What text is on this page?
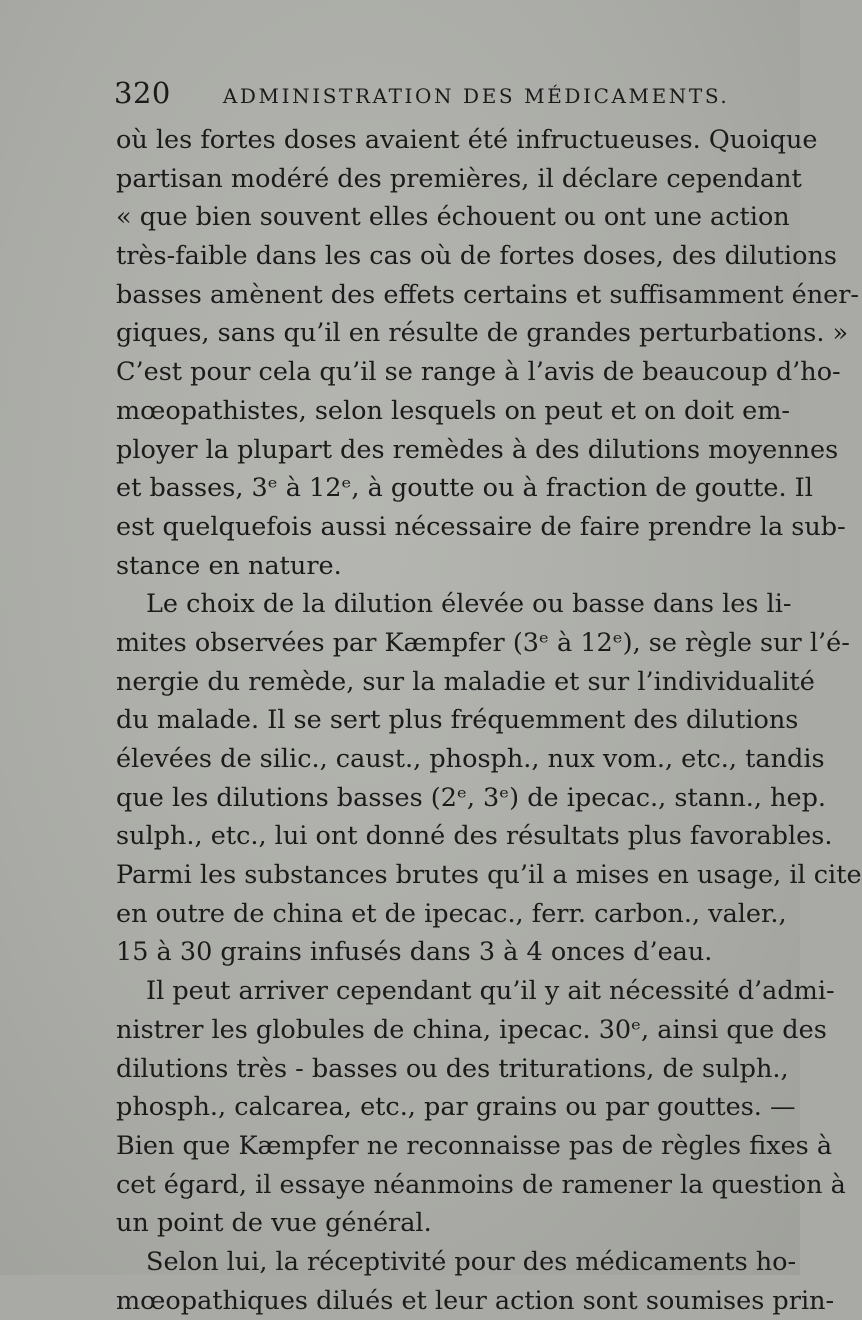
320	ADMINISTRATION DES MÉDICAMENTS.
où les fortes doses avaient été infructueuses. Quoique
partisan modéré des premières, il déclare cependant
« que bien souvent elles échouent ou ont une action
très-faible dans les cas où de fortes doses, des dilutions
basses amènent des effets certains et suffisamment éner-
giques, sans qu’il en résulte de grandes perturbations. »
C’est pour cela qu’il se range à l’avis de beaucoup d’ho-
mœopathistes, selon lesquels on peut et on doit em-
ployer la plupart des remèdes à des dilutions moyennes
et basses, 3ᵉ à 12ᵉ, à goutte ou à fraction de goutte. Il
est quelquefois aussi nécessaire de faire prendre la sub-
stance en nature.
Le choix de la dilution élevée ou basse dans les li-
mites observées par Kæmpfer (3ᵉ à 12ᵉ), se règle sur l’é-
nergie du remède, sur la maladie et sur l’individualité
du malade. Il se sert plus fréquemment des dilutions
élevées de silic., caust., phosph., nux vom., etc., tandis
que les dilutions basses (2ᵉ, 3ᵉ) de ipecac., stann., hep.
sulph., etc., lui ont donné des résultats plus favorables.
Parmi les substances brutes qu’il a mises en usage, il cite
en outre de china et de ipecac., ferr. carbon., valer.,
15 à 30 grains infusés dans 3 à 4 onces d’eau.
Il peut arriver cependant qu’il y ait nécessité d’admi-
nistrer les globules de china, ipecac. 30ᵉ, ainsi que des
dilutions très - basses ou des triturations, de sulph.,
phosph., calcarea, etc., par grains ou par gouttes. —
Bien que Kæmpfer ne reconnaisse pas de règles fixes à
cet égard, il essaye néanmoins de ramener la question à
un point de vue général.
Selon lui, la réceptivité pour des médicaments ho-
mœopathiques dilués et leur action sont soumises prin-
